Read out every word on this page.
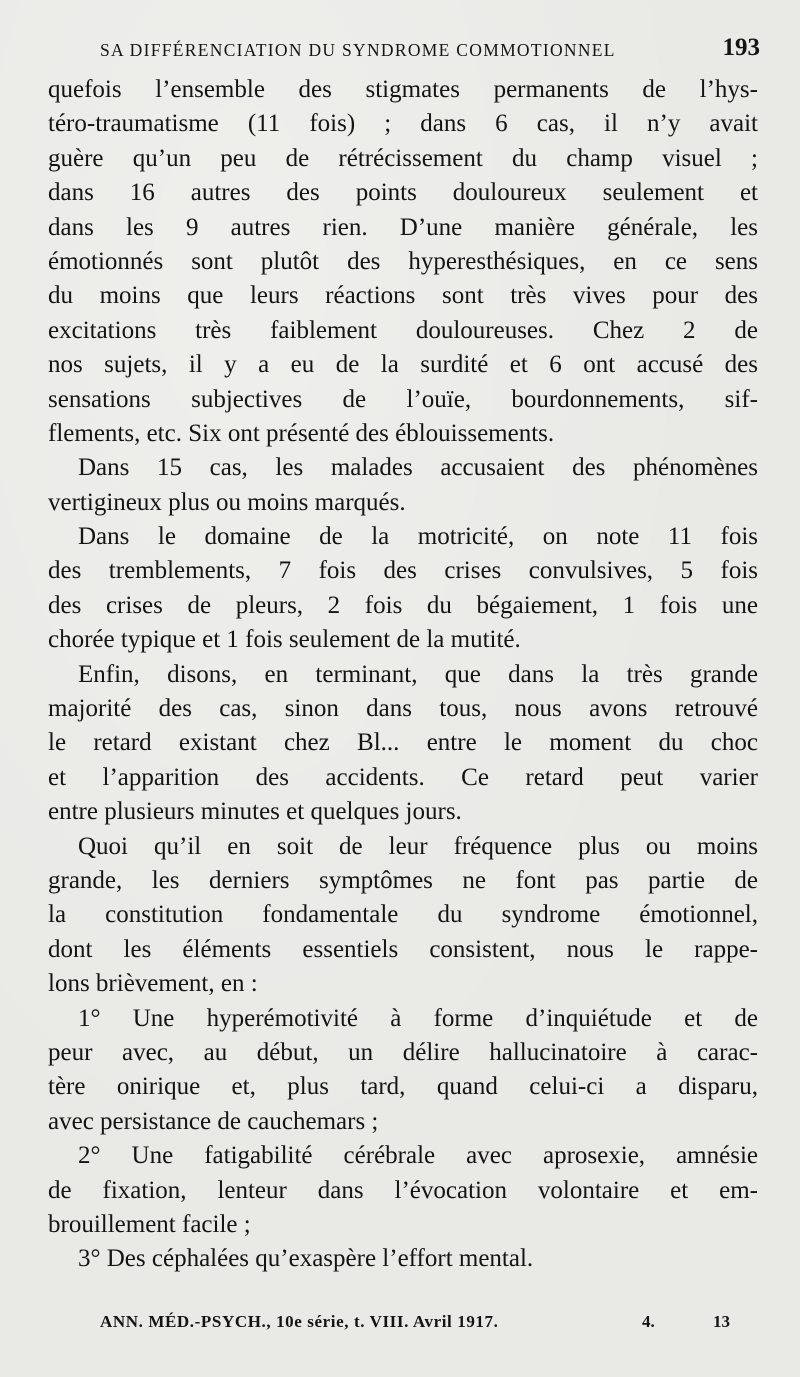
SA DIFFÉRENCIATION DU SYNDROME COMMOTIONNEL	193
quefois l’ensemble des stigmates permanents de l’hys-
téro-traumatisme (11 fois) ; dans 6 cas, il n’y avait
guère qu’un peu de rétrécissement du champ visuel ;
dans 16 autres des points douloureux seulement et
dans les 9 autres rien. D’une manière générale, les
émotionnés sont plutôt des hyperesthésiques, en ce sens
du moins que leurs réactions sont très vives pour des
excitations très faiblement douloureuses. Chez 2 de
nos sujets, il y a eu de la surdité et 6 ont accusé des
sensations subjectives de l’ouïe, bourdonnements, sif-
flements, etc. Six ont présenté des éblouissements.
Dans 15 cas, les malades accusaient des phénomènes
vertigineux plus ou moins marqués.
Dans le domaine de la motricité, on note 11 fois
des tremblements, 7 fois des crises convulsives, 5 fois
des crises de pleurs, 2 fois du bégaiement, 1 fois une
chorée typique et 1 fois seulement de la mutité.
Enfin, disons, en terminant, que dans la très grande
majorité des cas, sinon dans tous, nous avons retrouvé
le retard existant chez Bl... entre le moment du choc
et l’apparition des accidents. Ce retard peut varier
entre plusieurs minutes et quelques jours.
Quoi qu’il en soit de leur fréquence plus ou moins
grande, les derniers symptômes ne font pas partie de
la constitution fondamentale du syndrome émotionnel,
dont les éléments essentiels consistent, nous le rappe-
lons brièvement, en :
1° Une hyperémotivité à forme d’inquiétude et de
peur avec, au début, un délire hallucinatoire à carac-
tère onirique et, plus tard, quand celui-ci a disparu,
avec persistance de cauchemars ;
2° Une fatigabilité cérébrale avec aprosexie, amnésie
de fixation, lenteur dans l’évocation volontaire et em-
brouillement facile ;
3° Des céphalées qu’exaspère l’effort mental.
ANN. MÉD.-PSYCH., 10e série, t. VIII. Avril 1917.	4.	13
